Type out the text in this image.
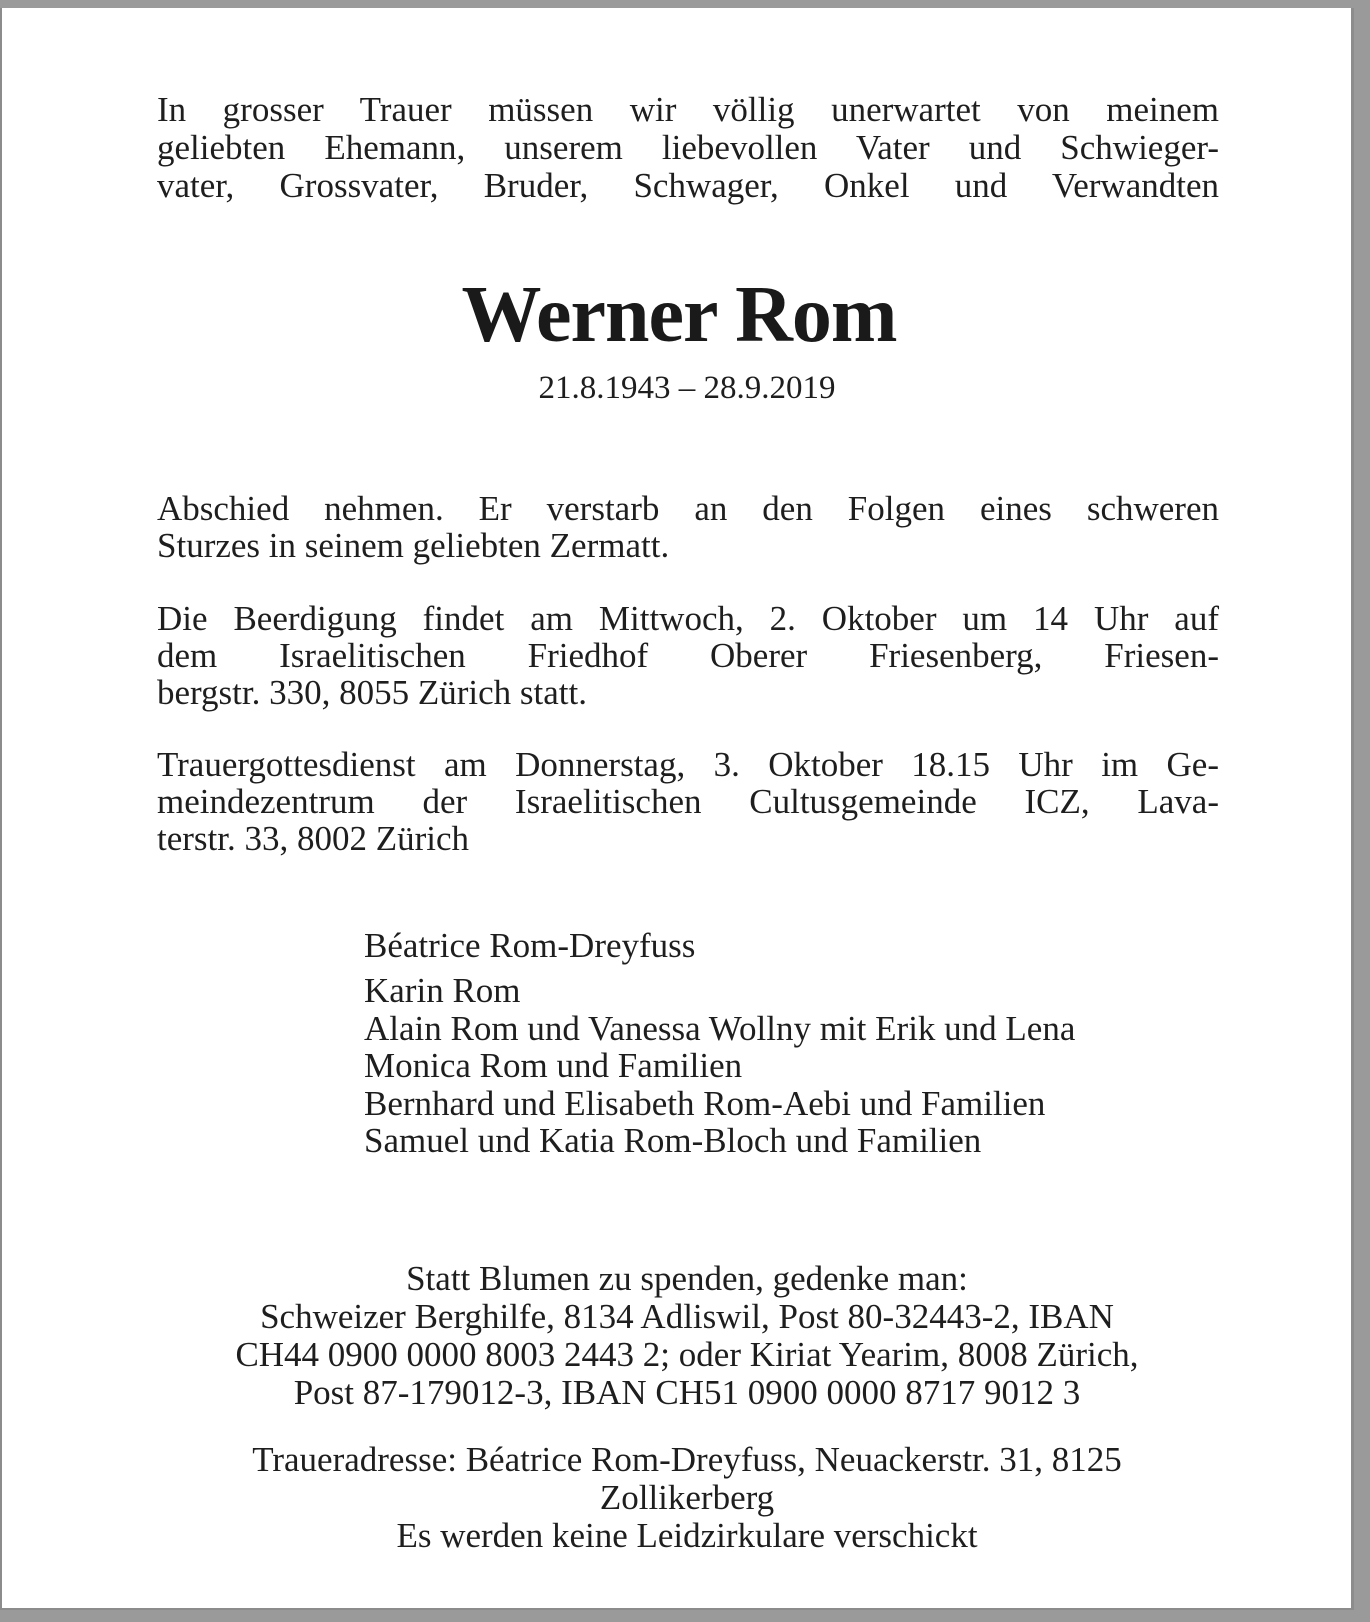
In grosser Trauer müssen wir völlig unerwartet von meinem
geliebten Ehemann, unserem liebevollen Vater und Schwieger-
vater, Grossvater, Bruder, Schwager, Onkel und Verwandten
Werner Rom
21.8.1943 – 28.9.2019
Abschied nehmen. Er verstarb an den Folgen eines schweren
Sturzes in seinem geliebten Zermatt.
Die Beerdigung findet am Mittwoch, 2. Oktober um 14 Uhr auf
dem Israelitischen Friedhof Oberer Friesenberg, Friesen-
bergstr. 330, 8055 Zürich statt.
Trauergottesdienst am Donnerstag, 3. Oktober 18.15 Uhr im Ge-
meindezentrum der Israelitischen Cultusgemeinde ICZ, Lava-
terstr. 33, 8002 Zürich
Béatrice Rom-Dreyfuss
Karin Rom
Alain Rom und Vanessa Wollny mit Erik und Lena
Monica Rom und Familien
Bernhard und Elisabeth Rom-Aebi und Familien
Samuel und Katia Rom-Bloch und Familien
Statt Blumen zu spenden, gedenke man:
Schweizer Berghilfe, 8134 Adliswil, Post 80-32443-2, IBAN
CH44 0900 0000 8003 2443 2; oder Kiriat Yearim, 8008 Zürich,
Post 87-179012-3, IBAN CH51 0900 0000 8717 9012 3
Traueradresse: Béatrice Rom-Dreyfuss, Neuackerstr. 31, 8125
Zollikerberg
Es werden keine Leidzirkulare verschickt
